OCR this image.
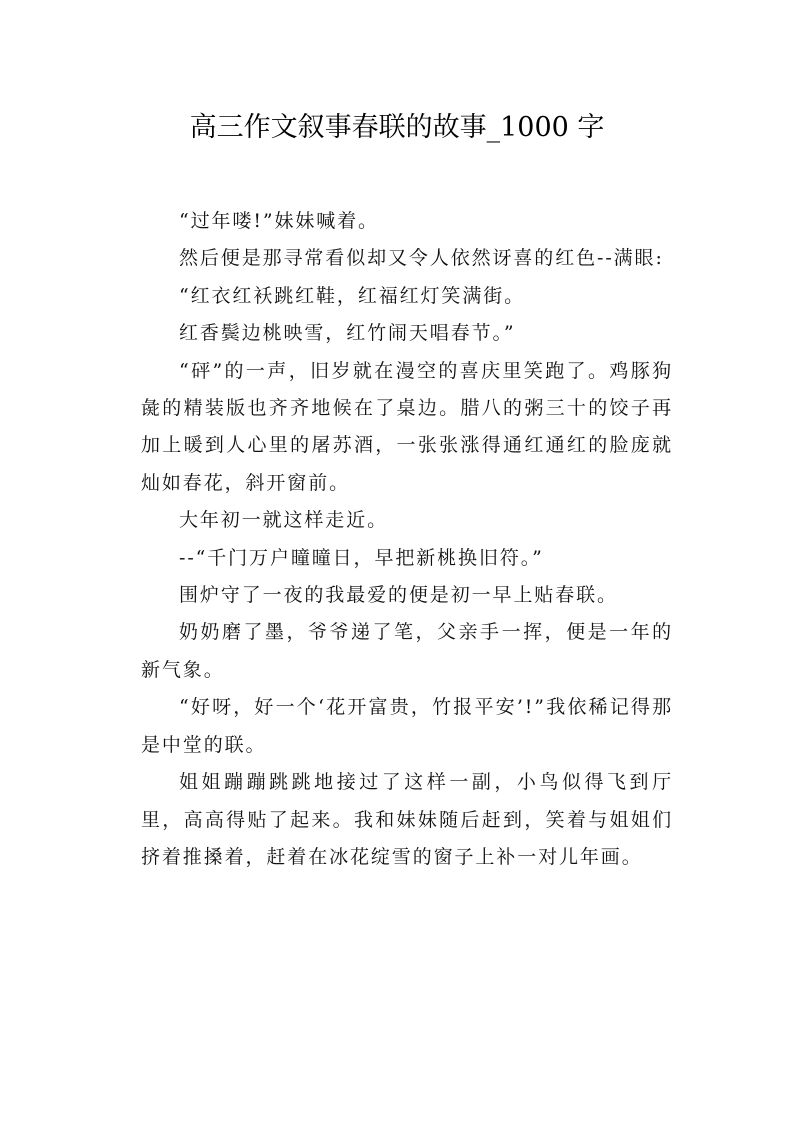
高三作文叙事春联的故事_1000 字

“过年喽!”妹妹喊着。

然后便是那寻常看似却又令人依然讶喜的红色--满眼:

“红衣红袄跳红鞋，红福红灯笑满街。

红香鬓边桃映雪，红竹闹天唱春节。”

“砰”的一声，旧岁就在漫空的喜庆里笑跑了。鸡豚狗彘的精装版也齐齐地候在了桌边。腊八的粥三十的饺子再加上暖到人心里的屠苏酒，一张张涨得通红通红的脸庞就灿如春花，斜开窗前。

大年初一就这样走近。

--“千门万户曈曈日，早把新桃换旧符。”

围炉守了一夜的我最爱的便是初一早上贴春联。

奶奶磨了墨，爷爷递了笔，父亲手一挥，便是一年的新气象。

“好呀，好一个‘花开富贵，竹报平安’!”我依稀记得那是中堂的联。

姐姐蹦蹦跳跳地接过了这样一副，小鸟似得飞到厅里，高高得贴了起来。我和妹妹随后赶到，笑着与姐姐们挤着推搡着，赶着在冰花绽雪的窗子上补一对儿年画。
